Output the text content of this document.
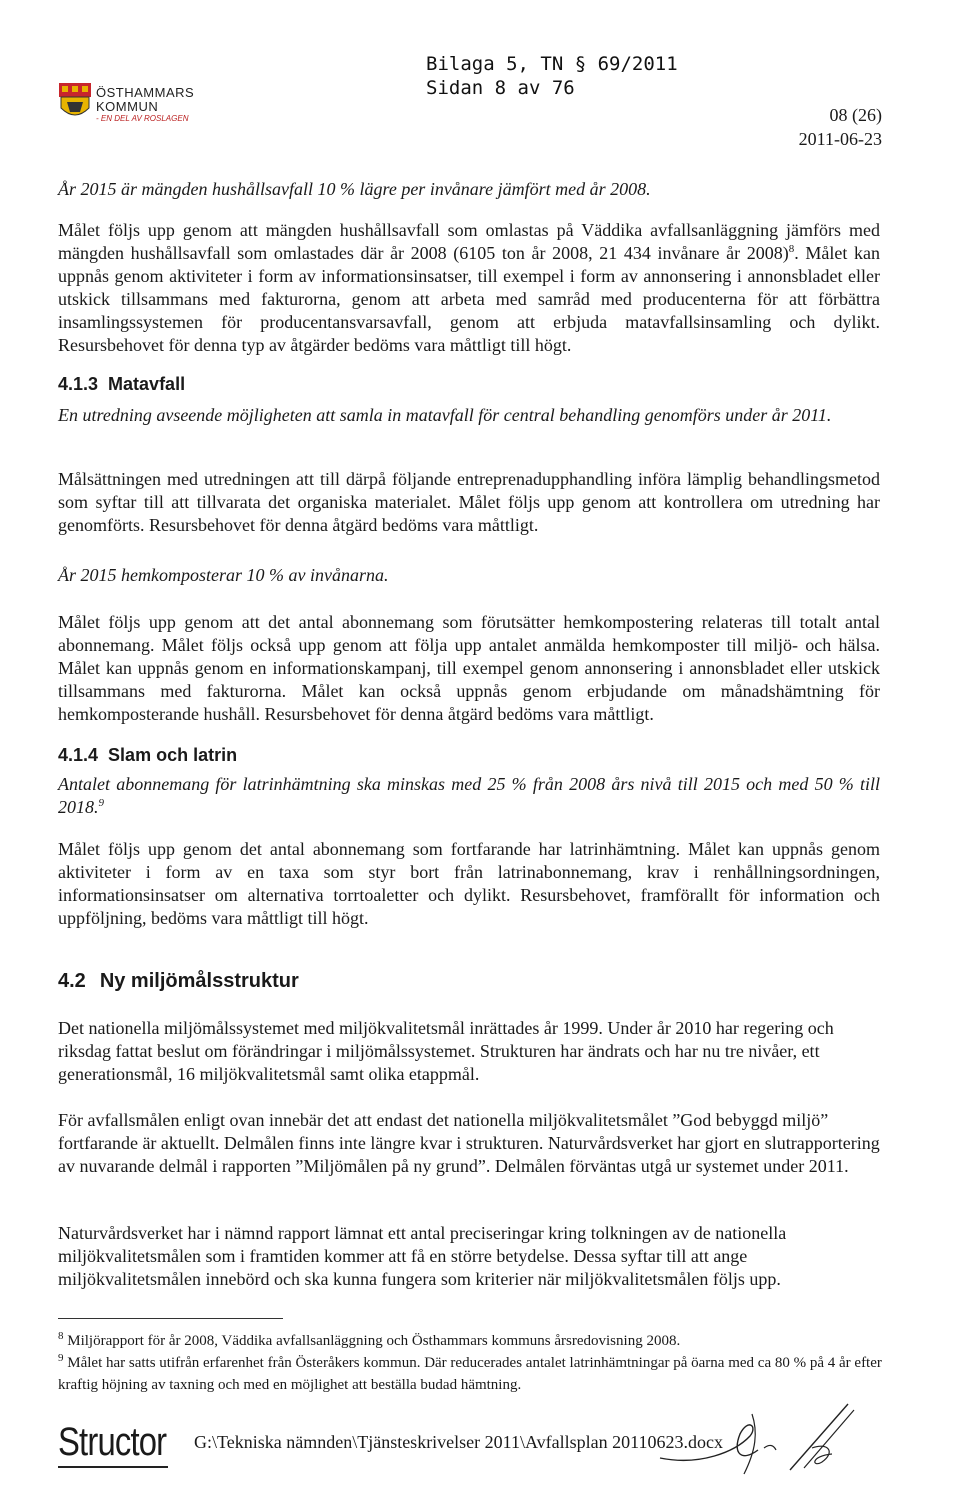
ÖSTHAMMARS
KOMMUN
- EN DEL AV ROSLAGEN
Bilaga 5, TN § 69/2011
Sidan 8 av 76
08 (26)
2011-06-23
År 2015 är mängden hushållsavfall 10 % lägre per invånare jämfört med år 2008.
Målet följs upp genom att mängden hushållsavfall som omlastas på Väddika avfallsanläggning jämförs med mängden hushållsavfall som omlastades där år 2008 (6105 ton år 2008, 21 434 invånare år 2008)$^8$. Målet kan uppnås genom aktiviteter i form av informationsinsatser, till exempel i form av annonsering i annonsbladet eller utskick tillsammans med fakturorna, genom att arbeta med samråd med producenterna för att förbättra insamlingssystemen för producentansvarsavfall, genom att erbjuda matavfallsinsamling och dylikt. Resursbehovet för denna typ av åtgärder bedöms vara måttligt till högt.
4.1.3 Matavfall
En utredning avseende möjligheten att samla in matavfall för central behandling genomförs under år 2011.
Målsättningen med utredningen att till därpå följande entreprenadupphandling införa lämplig behandlingsmetod som syftar till att tillvarata det organiska materialet. Målet följs upp genom att kontrollera om utredning har genomförts. Resursbehovet för denna åtgärd bedöms vara måttligt.
År 2015 hemkomposterar 10 % av invånarna.
Målet följs upp genom att det antal abonnemang som förutsätter hemkompostering relateras till totalt antal abonnemang. Målet följs också upp genom att följa upp antalet anmälda hemkomposter till miljö- och hälsa. Målet kan uppnås genom en informationskampanj, till exempel genom annonsering i annonsbladet eller utskick tillsammans med fakturorna. Målet kan också uppnås genom erbjudande om månadshämtning för hemkomposterande hushåll. Resursbehovet för denna åtgärd bedöms vara måttligt.
4.1.4 Slam och latrin
Antalet abonnemang för latrinhämtning ska minskas med 25 % från 2008 års nivå till 2015 och med 50 % till 2018.$^9$
Målet följs upp genom det antal abonnemang som fortfarande har latrinhämtning. Målet kan uppnås genom aktiviteter i form av en taxa som styr bort från latrinabonnemang, krav i renhållningsordningen, informationsinsatser om alternativa torrtoaletter och dylikt. Resursbehovet, framförallt för information och uppföljning, bedöms vara måttligt till högt.
4.2 Ny miljömålsstruktur
Det nationella miljömålssystemet med miljökvalitetsmål inrättades år 1999. Under år 2010 har regering och riksdag fattat beslut om förändringar i miljömålssystemet. Strukturen har ändrats och har nu tre nivåer, ett generationsmål, 16 miljökvalitetsmål samt olika etappmål.
För avfallsmålen enligt ovan innebär det att endast det nationella miljökvalitetsmålet ”God bebyggd miljö” fortfarande är aktuellt. Delmålen finns inte längre kvar i strukturen. Naturvårdsverket har gjort en slutrapportering av nuvarande delmål i rapporten ”Miljömålen på ny grund”. Delmålen förväntas utgå ur systemet under 2011.
Naturvårdsverket har i nämnd rapport lämnat ett antal preciseringar kring tolkningen av de nationella miljökvalitetsmålen som i framtiden kommer att få en större betydelse. Dessa syftar till att ange miljökvalitetsmålen innebörd och ska kunna fungera som kriterier när miljökvalitetsmålen följs upp.
$^8$ Miljörapport för år 2008, Väddika avfallsanläggning och Östhammars kommuns årsredovisning 2008.
$^9$ Målet har satts utifrån erfarenhet från Österåkers kommun. Där reducerades antalet latrinhämtningar på öarna med ca 80 % på 4 år efter kraftig höjning av taxning och med en möjlighet att beställa budad hämtning.
Structor G:\Tekniska nämnden\Tjänsteskrivelser 2011\Avfallsplan 20110623.docx
